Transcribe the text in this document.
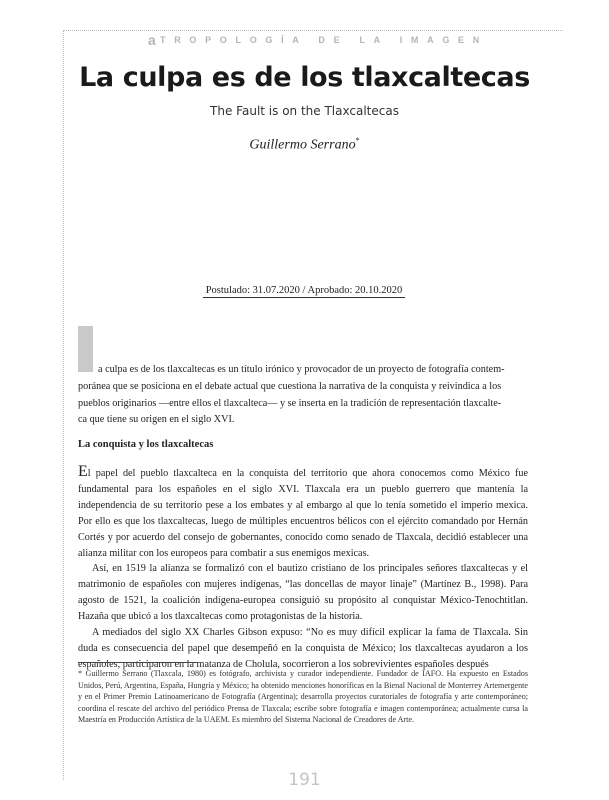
a TROPOLOGÍA DE LA IMAGEN
La culpa es de los tlaxcaltecas
The Fault is on the Tlaxcaltecas
Guillermo Serrano*
Postulado: 31.07.2020 / Aprobado: 20.10.2020
a culpa es de los tlaxcaltecas es un título irónico y provocador de un proyecto de fotografía contem-
poránea que se posiciona en el debate actual que cuestiona la narrativa de la conquista y reivindica a los
pueblos originarios —entre ellos el tlaxcalteca— y se inserta en la tradición de representación tlaxcalte-
ca que tiene su origen en el siglo XVI.
La conquista y los tlaxcaltecas

El papel del pueblo tlaxcalteca en la conquista del territorio que ahora conocemos como México fue fundamental para los españoles en el siglo XVI. Tlaxcala era un pueblo guerrero que mantenía la independencia de su territorio pese a los embates y al embargo al que lo tenía sometido el imperio mexica. Por ello es que los tlaxcaltecas, luego de múltiples encuentros bélicos con el ejército comandado por Hernán Cortés y por acuerdo del consejo de gobernantes, conocido como senado de Tlaxcala, decidió establecer una alianza militar con los europeos para combatir a sus enemigos mexicas.

Así, en 1519 la alianza se formalizó con el bautizo cristiano de los principales señores tlaxcaltecas y el matrimonio de españoles con mujeres indígenas, “las doncellas de mayor linaje” (Martínez B., 1998). Para agosto de 1521, la coalición indígena-europea consiguió su propósito al conquistar México-Tenochtitlan. Hazaña que ubicó a los tlaxcaltecas como protagonistas de la historia.

A mediados del siglo XX Charles Gibson expuso: “No es muy difícil explicar la fama de Tlaxcala. Sin duda es consecuencia del papel que desempeñó en la conquista de México; los tlaxcaltecas ayudaron a los españoles, participaron en la matanza de Cholula, socorrieron a los sobrevivientes españoles después

* Guillermo Serrano (Tlaxcala, 1980) es fotógrafo, archivista y curador independiente. Fundador de IAFO. Ha expuesto en Estados Unidos, Perú, Argentina, España, Hungría y México; ha obtenido menciones honoríficas en la Bienal Nacional de Monterrey Artemergente y en el Primer Premio Latinoamericano de Fotografía (Argentina); desarrolla proyectos curatoriales de fotografía y arte contemporáneo; coordina el rescate del archivo del periódico Prensa de Tlaxcala; escribe sobre fotografía e imagen contemporánea; actualmente cursa la Maestría en Producción Artística de la UAEM. Es miembro del Sistema Nacional de Creadores de Arte.
191
